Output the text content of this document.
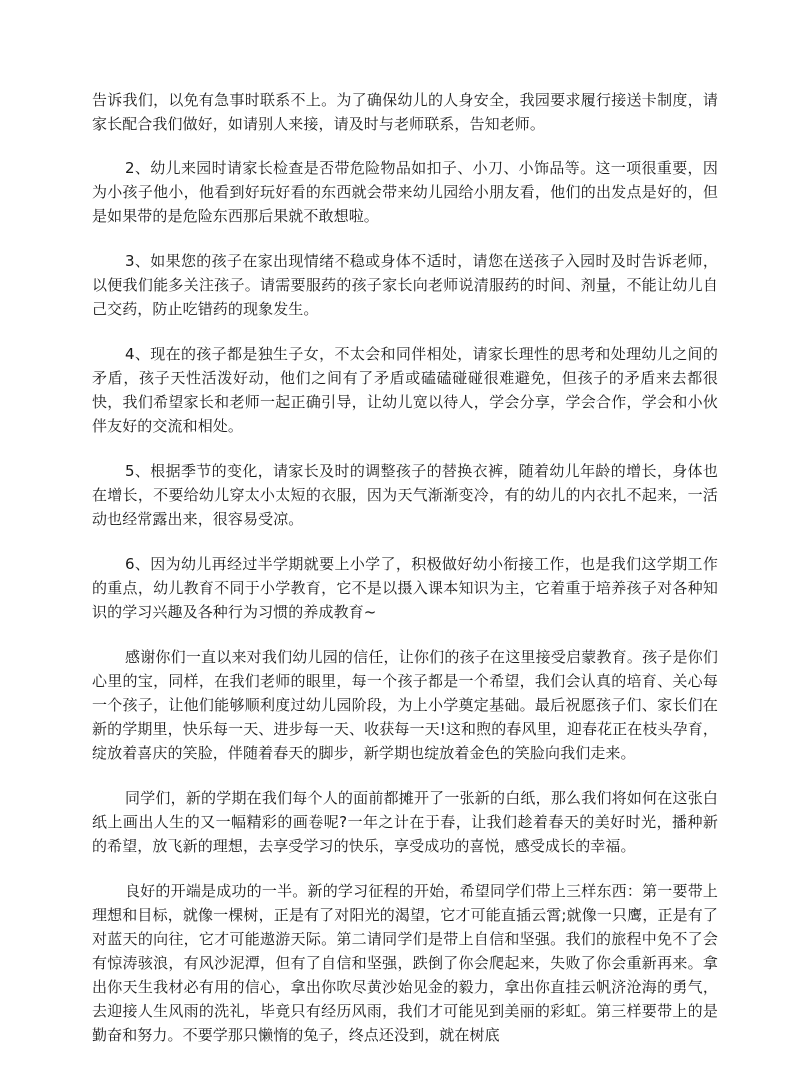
告诉我们，以免有急事时联系不上。为了确保幼儿的人身安全，我园要求履行接送卡制度，请家长配合我们做好，如请别人来接，请及时与老师联系，告知老师。

2、幼儿来园时请家长检查是否带危险物品如扣子、小刀、小饰品等。这一项很重要，因为小孩子他小，他看到好玩好看的东西就会带来幼儿园给小朋友看，他们的出发点是好的，但是如果带的是危险东西那后果就不敢想啦。

3、如果您的孩子在家出现情绪不稳或身体不适时，请您在送孩子入园时及时告诉老师，以便我们能多关注孩子。请需要服药的孩子家长向老师说清服药的时间、剂量，不能让幼儿自己交药，防止吃错药的现象发生。

4、现在的孩子都是独生子女，不太会和同伴相处，请家长理性的思考和处理幼儿之间的矛盾，孩子天性活泼好动，他们之间有了矛盾或磕磕碰碰很难避免，但孩子的矛盾来去都很快，我们希望家长和老师一起正确引导，让幼儿宽以待人，学会分享，学会合作，学会和小伙伴友好的交流和相处。

5、根据季节的变化，请家长及时的调整孩子的替换衣裤，随着幼儿年龄的增长，身体也在增长，不要给幼儿穿太小太短的衣服，因为天气渐渐变冷，有的幼儿的内衣扎不起来，一活动也经常露出来，很容易受凉。

6、因为幼儿再经过半学期就要上小学了，积极做好幼小衔接工作，也是我们这学期工作的重点，幼儿教育不同于小学教育，它不是以摄入课本知识为主，它着重于培养孩子对各种知识的学习兴趣及各种行为习惯的养成教育~

感谢你们一直以来对我们幼儿园的信任，让你们的孩子在这里接受启蒙教育。孩子是你们心里的宝，同样，在我们老师的眼里，每一个孩子都是一个希望，我们会认真的培育、关心每一个孩子，让他们能够顺利度过幼儿园阶段，为上小学奠定基础。最后祝愿孩子们、家长们在新的学期里，快乐每一天、进步每一天、收获每一天!这和煦的春风里，迎春花正在枝头孕育，绽放着喜庆的笑脸，伴随着春天的脚步，新学期也绽放着金色的笑脸向我们走来。

同学们，新的学期在我们每个人的面前都摊开了一张新的白纸，那么我们将如何在这张白纸上画出人生的又一幅精彩的画卷呢?一年之计在于春，让我们趁着春天的美好时光，播种新的希望，放飞新的理想，去享受学习的快乐，享受成功的喜悦，感受成长的幸福。

良好的开端是成功的一半。新的学习征程的开始，希望同学们带上三样东西：第一要带上理想和目标，就像一棵树，正是有了对阳光的渴望，它才可能直插云霄;就像一只鹰，正是有了对蓝天的向往，它才可能遨游天际。第二请同学们是带上自信和坚强。我们的旅程中免不了会有惊涛骇浪，有风沙泥潭，但有了自信和坚强，跌倒了你会爬起来，失败了你会重新再来。拿出你天生我材必有用的信心，拿出你吹尽黄沙始见金的毅力，拿出你直挂云帆济沧海的勇气，去迎接人生风雨的洗礼，毕竟只有经历风雨，我们才可能见到美丽的彩虹。第三样要带上的是勤奋和努力。不要学那只懒惰的兔子，终点还没到，就在树底
